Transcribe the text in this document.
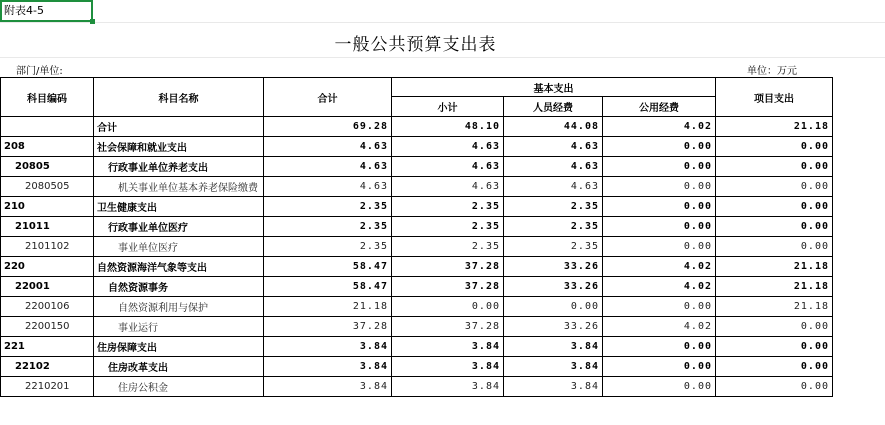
附表4-5
一般公共预算支出表
部门/单位:	单位：万元
科目编码	科目名称	合计	基本支出			项目支出
			小计	人员经费	公用经费	
	合计	69.28	48.10	44.08	4.02	21.18
208	社会保障和就业支出	4.63	4.63	4.63	0.00	0.00
20805	行政事业单位养老支出	4.63	4.63	4.63	0.00	0.00
2080505	机关事业单位基本养老保险缴费	4.63	4.63	4.63	0.00	0.00
210	卫生健康支出	2.35	2.35	2.35	0.00	0.00
21011	行政事业单位医疗	2.35	2.35	2.35	0.00	0.00
2101102	事业单位医疗	2.35	2.35	2.35	0.00	0.00
220	自然资源海洋气象等支出	58.47	37.28	33.26	4.02	21.18
22001	自然资源事务	58.47	37.28	33.26	4.02	21.18
2200106	自然资源利用与保护	21.18	0.00	0.00	0.00	21.18
2200150	事业运行	37.28	37.28	33.26	4.02	0.00
221	住房保障支出	3.84	3.84	3.84	0.00	0.00
22102	住房改革支出	3.84	3.84	3.84	0.00	0.00
2210201	住房公积金	3.84	3.84	3.84	0.00	0.00
